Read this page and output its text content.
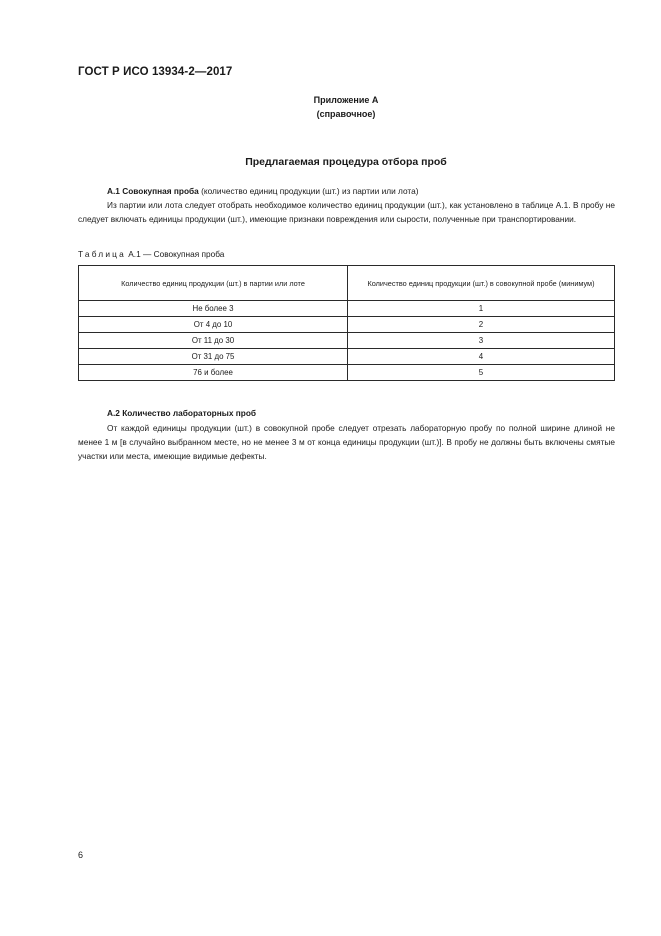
ГОСТ Р ИСО 13934-2—2017
Приложение А
(справочное)
Предлагаемая процедура отбора проб
А.1 Совокупная проба (количество единиц продукции (шт.) из партии или лота)
Из партии или лота следует отобрать необходимое количество единиц продукции (шт.), как установлено в таблице А.1. В пробу не следует включать единицы продукции (шт.), имеющие признаки повреждения или сырости, полученные при транспортировании.
Таблица А.1 — Совокупная проба
Количество единиц продукции (шт.) в партии или лоте	Количество единиц продукции (шт.) в совокупной пробе (минимум)
Не более 3	1
От 4 до 10	2
От 11 до 30	3
От 31 до 75	4
76 и более	5
А.2 Количество лабораторных проб
От каждой единицы продукции (шт.) в совокупной пробе следует отрезать лабораторную пробу по полной ширине длиной не менее 1 м [в случайно выбранном месте, но не менее 3 м от конца единицы продукции (шт.)]. В пробу не должны быть включены смятые участки или места, имеющие видимые дефекты.
6
